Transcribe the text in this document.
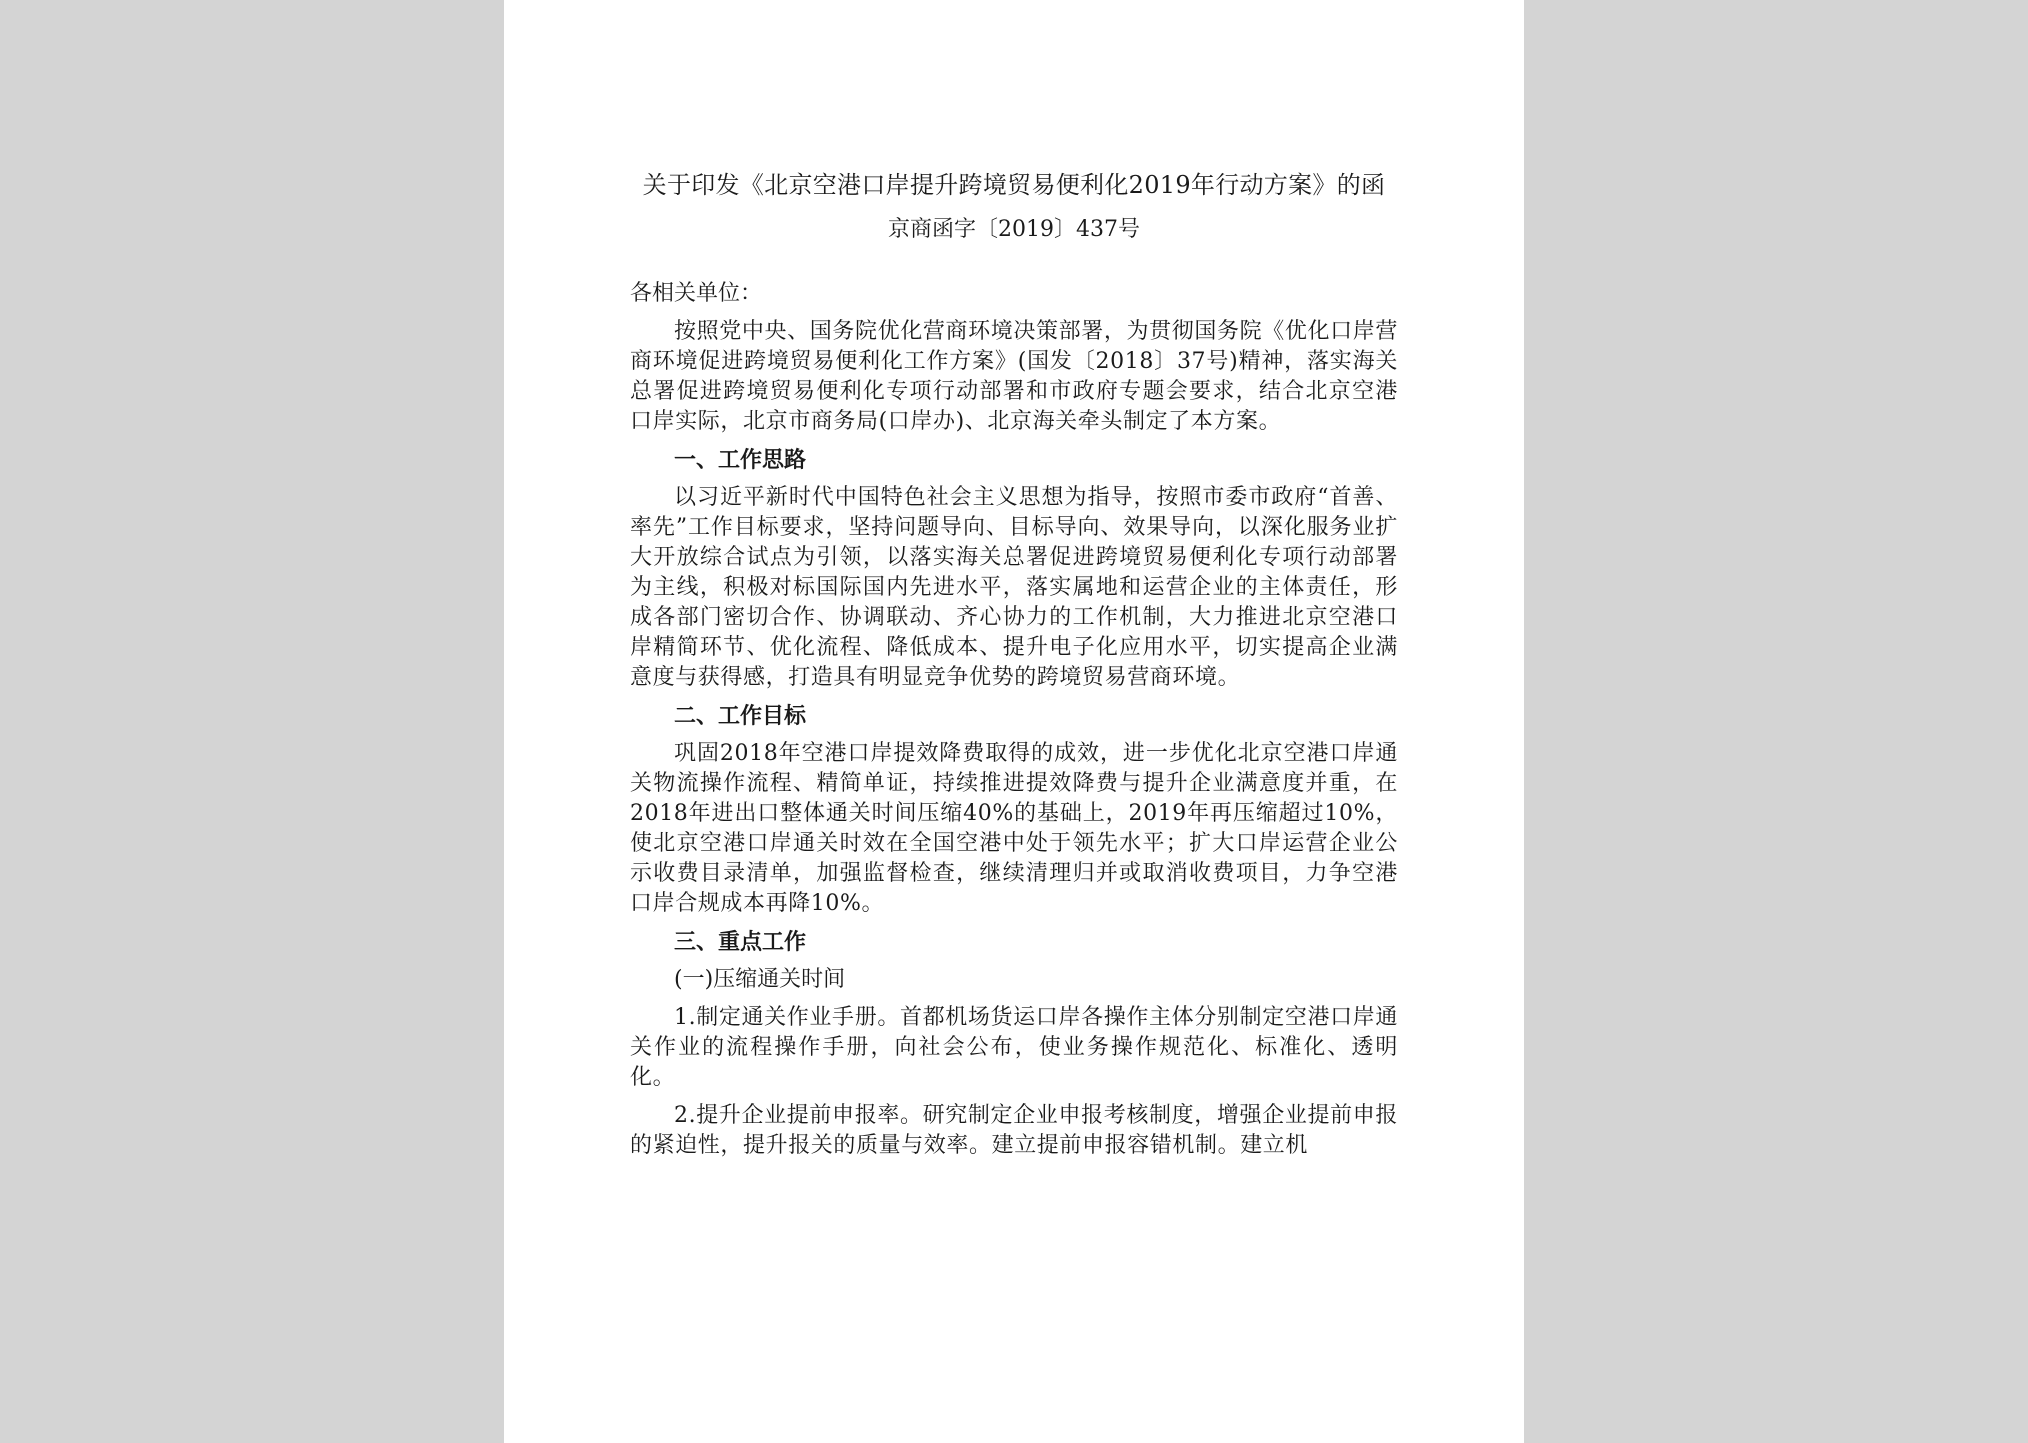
关于印发《北京空港口岸提升跨境贸易便利化2019年行动方案》的函

京商函字〔2019〕437号

各相关单位：

按照党中央、国务院优化营商环境决策部署，为贯彻国务院《优化口岸营商环境促进跨境贸易便利化工作方案》(国发〔2018〕37号)精神，落实海关总署促进跨境贸易便利化专项行动部署和市政府专题会要求，结合北京空港口岸实际，北京市商务局(口岸办)、北京海关牵头制定了本方案。

一、工作思路

以习近平新时代中国特色社会主义思想为指导，按照市委市政府“首善、率先”工作目标要求，坚持问题导向、目标导向、效果导向，以深化服务业扩大开放综合试点为引领，以落实海关总署促进跨境贸易便利化专项行动部署为主线，积极对标国际国内先进水平，落实属地和运营企业的主体责任，形成各部门密切合作、协调联动、齐心协力的工作机制，大力推进北京空港口岸精简环节、优化流程、降低成本、提升电子化应用水平，切实提高企业满意度与获得感，打造具有明显竞争优势的跨境贸易营商环境。

二、工作目标

巩固2018年空港口岸提效降费取得的成效，进一步优化北京空港口岸通关物流操作流程、精简单证，持续推进提效降费与提升企业满意度并重，在2018年进出口整体通关时间压缩40%的基础上，2019年再压缩超过10%，使北京空港口岸通关时效在全国空港中处于领先水平；扩大口岸运营企业公示收费目录清单，加强监督检查，继续清理归并或取消收费项目，力争空港口岸合规成本再降10%。

三、重点工作

(一)压缩通关时间

1.制定通关作业手册。首都机场货运口岸各操作主体分别制定空港口岸通关作业的流程操作手册，向社会公布，使业务操作规范化、标准化、透明化。

2.提升企业提前申报率。研究制定企业申报考核制度，增强企业提前申报的紧迫性，提升报关的质量与效率。建立提前申报容错机制。建立机
